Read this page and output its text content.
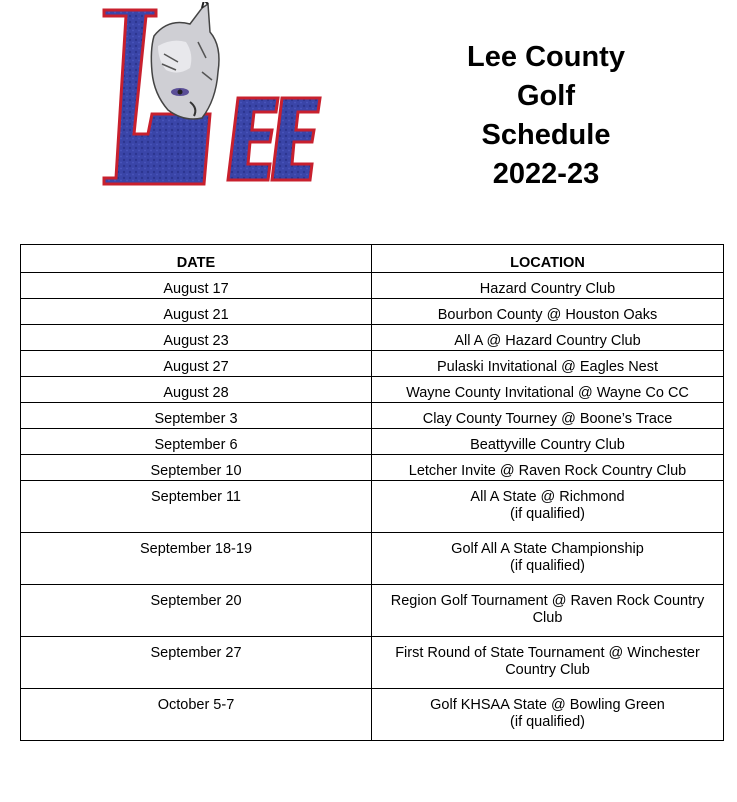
Lee County
Golf
Schedule
2022-23
DATE	LOCATION
August 17	Hazard Country Club

August 21	Bourbon County @ Houston Oaks

August 23	All A @ Hazard Country Club

August 27	Pulaski Invitational @ Eagles Nest

August 28	Wayne County Invitational @ Wayne Co CC

September 3	Clay County Tourney @ Boone’s Trace

September 6	Beattyville Country Club

September 10	Letcher Invite @ Raven Rock Country Club

September 11	All A State @ Richmond
(if qualified)

September 18-19	Golf All A State Championship
(if qualified)

September 20	Region Golf Tournament @ Raven Rock Country
Club

September 27	First Round of State Tournament @ Winchester
Country Club

October 5-7	Golf KHSAA State @ Bowling Green
(if qualified)
